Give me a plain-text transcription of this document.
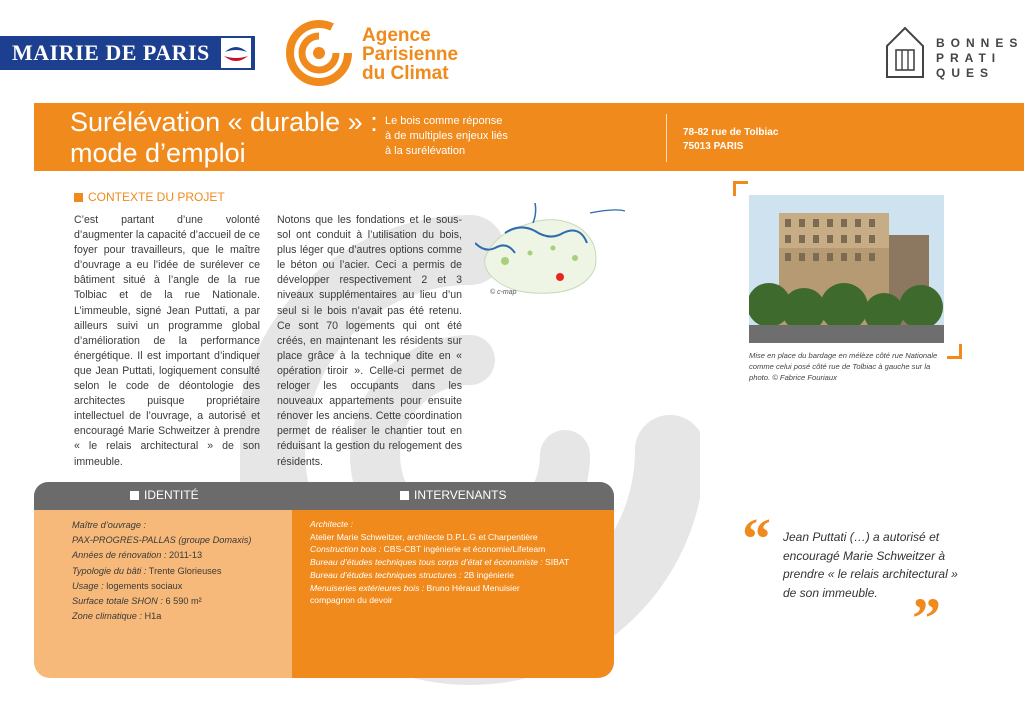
MAIRIE DE PARIS
Agence
Parisienne
du Climat
BONNES
PRATI
QUES
Surélévation « durable » :
mode d’emploi
Le bois comme réponse
à de multiples enjeux liés
à la surélévation
78-82 rue de Tolbiac
75013 PARIS
CONTEXTE DU PROJET
C’est partant d’une volonté d’augmenter la capacité d’accueil de ce foyer pour travailleurs, que le maître d’ouvrage a eu l’idée de surélever ce bâtiment situé à l’angle de la rue Tolbiac et de la rue Nationale. L’immeuble, signé Jean Puttati, a par ailleurs suivi un programme global d’amélioration de la performance énergétique. Il est important d’indiquer que Jean Puttati, logiquement consulté selon le code de déontologie des architectes puisque propriétaire intellectuel de l’ouvrage, a autorisé et encouragé Marie Schweitzer à prendre « le relais architectural » de son immeuble.
Notons que les fondations et le sous-sol ont conduit à l’utilisation du bois, plus léger que d’autres options comme le béton ou l’acier. Ceci a permis de développer respectivement 2 et 3 niveaux supplémentaires au lieu d’un seul si le bois n’avait pas été retenu. Ce sont 70 logements qui ont été créés, en maintenant les résidents sur place grâce à la technique dite en « opération tiroir ». Celle-ci permet de reloger les occupants dans les nouveaux appartements pour ensuite rénover les anciens. Cette coordination permet de réaliser le chantier tout en réduisant la gestion du relogement des résidents.
© c-map
Mise en place du bardage en mélèze côté rue Nationale comme celui posé côté rue de Tolbiac à gauche sur la photo. © Fabrice Fouriaux
IDENTITÉ	INTERVENANTS
Maître d’ouvrage :
PAX-PROGRES-PALLAS (groupe Domaxis)
Années de rénovation : 2011-13
Typologie du bâti : Trente Glorieuses
Usage : logements sociaux
Surface totale SHON : 6 590 m²
Zone climatique : H1a
Architecte :
Atelier Marie Schweitzer, architecte D.P.L.G et Charpentière
Construction bois : CBS-CBT ingénierie et économie/Lifeteam
Bureau d’études techniques tous corps d’état et économiste : SIBAT
Bureau d’études techniques structures : 2B ingénierie
Menuiseries extérieures bois : Bruno Héraud Menuisier
compagnon du devoir
“ Jean Puttati (…) a autorisé et encouragé Marie Schweitzer à prendre « le relais architectural » de son immeuble. ”
